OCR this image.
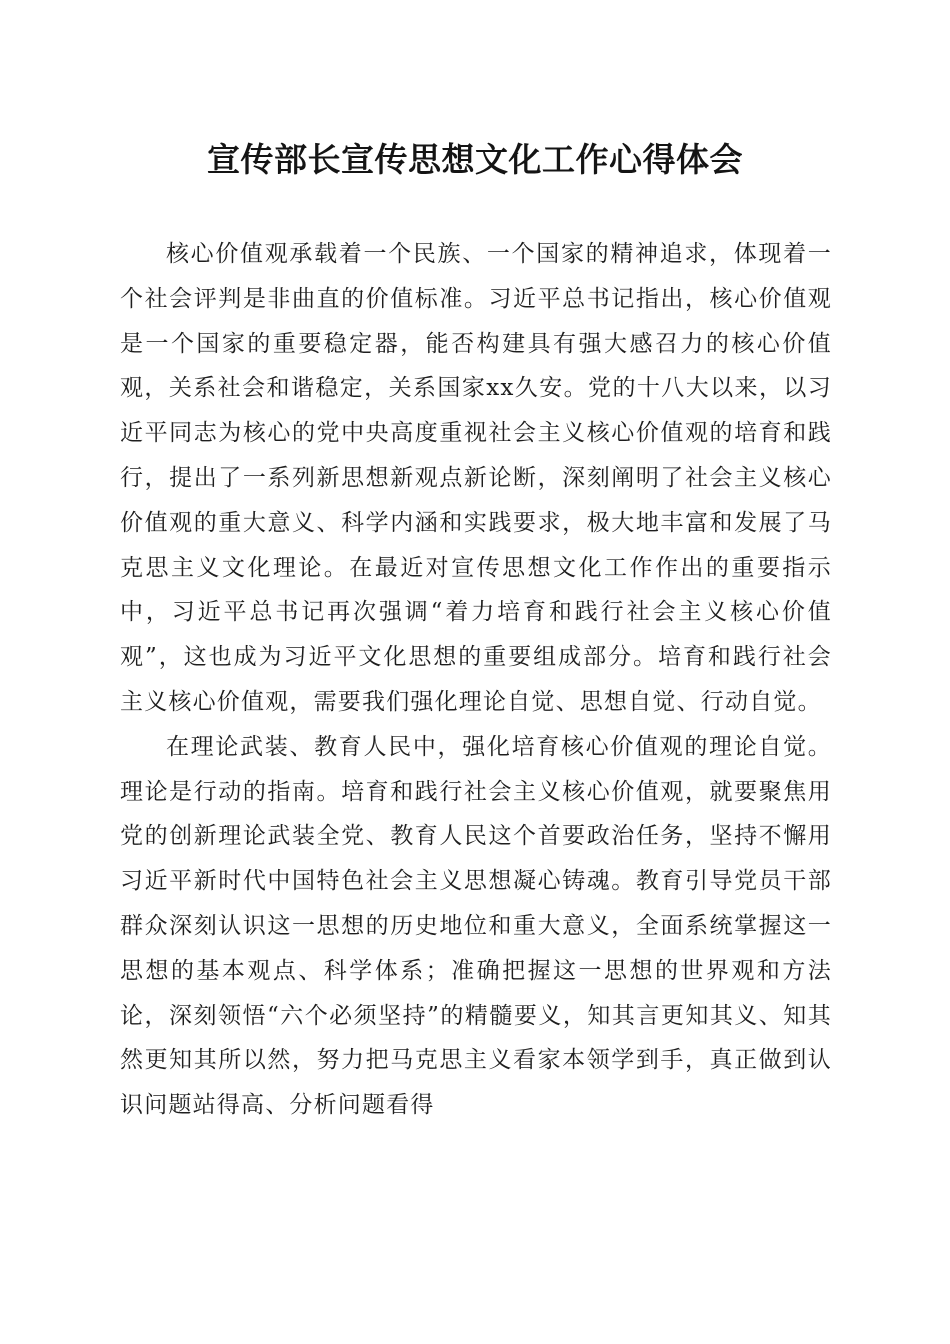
宣传部长宣传思想文化工作心得体会

核心价值观承载着一个民族、一个国家的精神追求，体现着一个社会评判是非曲直的价值标准。习近平总书记指出，核心价值观是一个国家的重要稳定器，能否构建具有强大感召力的核心价值观，关系社会和谐稳定，关系国家xx久安。党的十八大以来，以习近平同志为核心的党中央高度重视社会主义核心价值观的培育和践行，提出了一系列新思想新观点新论断，深刻阐明了社会主义核心价值观的重大意义、科学内涵和实践要求，极大地丰富和发展了马克思主义文化理论。在最近对宣传思想文化工作作出的重要指示中，习近平总书记再次强调“着力培育和践行社会主义核心价值观”，这也成为习近平文化思想的重要组成部分。培育和践行社会主义核心价值观，需要我们强化理论自觉、思想自觉、行动自觉。

在理论武装、教育人民中，强化培育核心价值观的理论自觉。理论是行动的指南。培育和践行社会主义核心价值观，就要聚焦用党的创新理论武装全党、教育人民这个首要政治任务，坚持不懈用习近平新时代中国特色社会主义思想凝心铸魂。教育引导党员干部群众深刻认识这一思想的历史地位和重大意义，全面系统掌握这一思想的基本观点、科学体系；准确把握这一思想的世界观和方法论，深刻领悟“六个必须坚持”的精髓要义，知其言更知其义、知其然更知其所以然，努力把马克思主义看家本领学到手，真正做到认识问题站得高、分析问题看得
